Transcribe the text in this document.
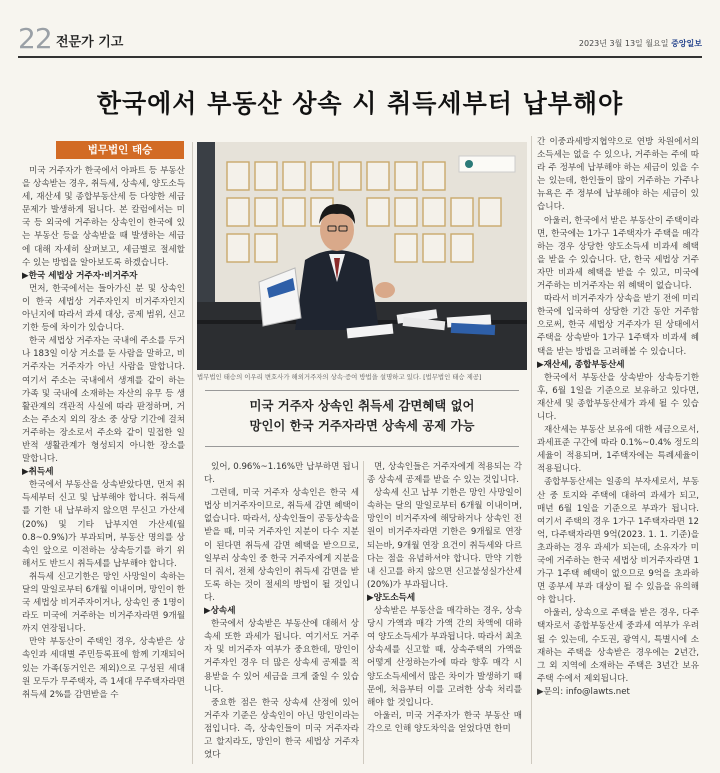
22 전문가 기고	2023년 3월 13일 월요일 중앙일보
한국에서 부동산 상속 시 취득세부터 납부해야
법무법인 태승

미국 거주자가 한국에서 아파트 등 부동산을 상속받는 경우, 취득세, 상속세, 양도소득세, 재산세 및 종합부동산세 등 다양한 세금 문제가 발생하게 됩니다. 본 칼럼에서는 미국 등 외국에 거주하는 상속인이 한국에 있는 부동산 등을 상속받을 때 발생하는 세금에 대해 자세히 살펴보고, 세금별로 절세할 수 있는 방법을 알아보도록 하겠습니다.

▶한국 세법상 거주자·비거주자

먼저, 한국에서는 들아가신 분 및 상속인이 한국 세법상 거주자인지 비거주자인지 아닌지에 따라서 과세 대상, 공제 범위, 신고 기한 등에 차이가 있습니다.

한국 세법상 거주자는 국내에 주소를 두거나 183일 이상 거소를 둔 사람을 말하고, 비거주자는 거주자가 아닌 사람을 말합니다. 여기서 주소는 국내에서 생계를 같이 하는 가족 및 국내에 소재하는 자산의 유무 등 생활관계의 객관적 사실에 따라 판정하며, 거소는 주소지 외의 장소 중 상당 기간에 걸쳐 거주하는 장소로서 주소와 같이 밀접한 일반적 생활관계가 형성되지 아니한 장소를 말합니다.

▶취득세

한국에서 부동산을 상속받았다면, 먼저 취득세부터 신고 및 납부해야 합니다. 취득세를 기한 내 납부하지 않으면 무신고 가산세(20%) 및 기타 납부지연 가산세(월 0.8~0.9%)가 부과되며, 부동산 명의를 상속인 앞으로 이전하는 상속등기를 하기 위해서도 반드시 취득세를 납부해야 합니다.

취득세 신고기한은 망인 사망일이 속하는 달의 말일로부터 6개월 이내이며, 망인이 한국 세법상 비거주자이거나, 상속인 중 1명이라도 미국에 거주하는 비거주자라면 9개월까지 연장됩니다.

만약 부동산이 주택인 경우, 상속받은 상속인과 세대별 주민등록표에 함께 기재되어 있는 가족(동거인은 제외)으로 구성된 세대원 모두가 무주택자, 즉 1세대 무주택자라면 취득세 2%를 감면받을 수

법무법인 태승의 이우리 변호사가 해외거주자의 상속·증여 방법을 설명하고 있다. [법무법인 태승 제공]
미국 거주자 상속인 취득세 감면혜택 없어
망인이 한국 거주자라면 상속세 공제 가능

있어, 0.96%~1.16%만 납부하면 됩니다.

그런데, 미국 거주자 상속인은 한국 세법상 비거주자이므로, 취득세 감면 혜택이 없습니다. 따라서, 상속인들이 공동상속을 받을 때, 미국 거주자인 지분이 다수 지분이 된다면 취득세 감면 혜택을 받으므로, 일부러 상속인 중 한국 거주자에게 지분을 더 줘서, 전체 상속인이 취득세 감면을 받도록 하는 것이 절세의 방법이 될 것입니다.

▶상속세

한국에서 상속받은 부동산에 대해서 상속세 또한 과세가 됩니다. 여기서도 거주자 및 비거주자 여부가 중요한데, 망인이 거주자인 경우 더 많은 상속세 공제를 적용받을 수 있어 세금을 크게 줄일 수 있습니다.

중요한 점은 한국 상속세 산정에 있어 거주자 기준은 상속인이 아닌 망인이라는 점입니다. 즉, 상속인들이 미국 거주자라고 할지라도, 망인이 한국 세법상 거주자였다

면, 상속인들은 거주자에게 적용되는 각종 상속세 공제를 받을 수 있는 것입니다.

상속세 신고 납부 기한은 망인 사망일이 속하는 달의 말일로부터 6개월 이내이며, 망인이 비거주자에 해당하거나 상속인 전원이 비거주자라면 기한은 9개월로 연장되는바, 9개월 연장 요건이 취득세와 다르다는 점을 유념하셔야 합니다. 만약 기한 내 신고를 하지 않으면 신고불성실가산세(20%)가 부과됩니다.

▶양도소득세

상속받은 부동산을 매각하는 경우, 상속 당시 가액과 매각 가액 간의 차액에 대하여 양도소득세가 부과됩니다. 따라서 최초 상속세를 신고할 때, 상속주택의 가액을 어떻게 산정하는가에 따라 향후 매각 시 양도소득세에서 많은 차이가 발생하기 때문에, 처음부터 이를 고려한 상속 처리를 해야 할 것입니다.

아울러, 미국 거주자가 한국 부동산 매각으로 인해 양도차익을 얻었다면 한미

간 이중과세방지협약으로 연방 차원에서의 소득세는 없을 수 있으나, 거주하는 주에 따라 주 정부에 납부해야 하는 세금이 있을 수는 있는데, 한인들이 많이 거주하는 가주나 뉴욕은 주 정부에 납부해야 하는 세금이 있습니다.

아울러, 한국에서 받은 부동산이 주택이라면, 한국에는 1가구 1주택자가 주택을 매각하는 경우 상당한 양도소득세 비과세 혜택을 받을 수 있습니다. 단, 한국 세법상 거주자만 비과세 혜택을 받을 수 있고, 미국에 거주하는 비거주자는 위 혜택이 없습니다.

따라서 비거주자가 상속을 받기 전에 미리 한국에 입국하여 상당한 기간 동안 거주함으로써, 한국 세법상 거주자가 된 상태에서 주택을 상속받아 1가구 1주택자 비과세 혜택을 받는 방법을 고려해볼 수 있습니다.

▶재산세, 종합부동산세

한국에서 부동산을 상속받아 상속등기한 후, 6월 1일을 기준으로 보유하고 있다면, 재산세 및 종합부동산세가 과세 될 수 있습니다.

재산세는 부동산 보유에 대한 세금으로서, 과세표준 구간에 따라 0.1%~0.4% 정도의 세율이 적용되며, 1주택자에는 특례세율이 적용됩니다.

종합부동산세는 일종의 부자세로서, 부동산 중 토지와 주택에 대하여 과세가 되고, 매년 6월 1일을 기준으로 부과가 됩니다. 여기서 주택의 경우 1가구 1주택자라면 12억, 다주택자라면 9억(2023. 1. 1. 기준)을 초과하는 경우 과세가 되는데, 소유자가 미국에 거주하는 한국 세법상 비거주자라면 1가구 1주택 혜택이 없으므로 9억을 초과하면 종부세 부과 대상이 될 수 있음을 유의해야 합니다.

아울러, 상속으로 주택을 받은 경우, 다주택자로서 종합부동산세 중과세 여부가 우려될 수 있는데, 수도권, 광역시, 특별시에 소재하는 주택을 상속받은 경우에는 2년간, 그 외 지역에 소재하는 주택은 3년간 보유 주택 수에서 제외됩니다.

▶문의: info@lawts.net
